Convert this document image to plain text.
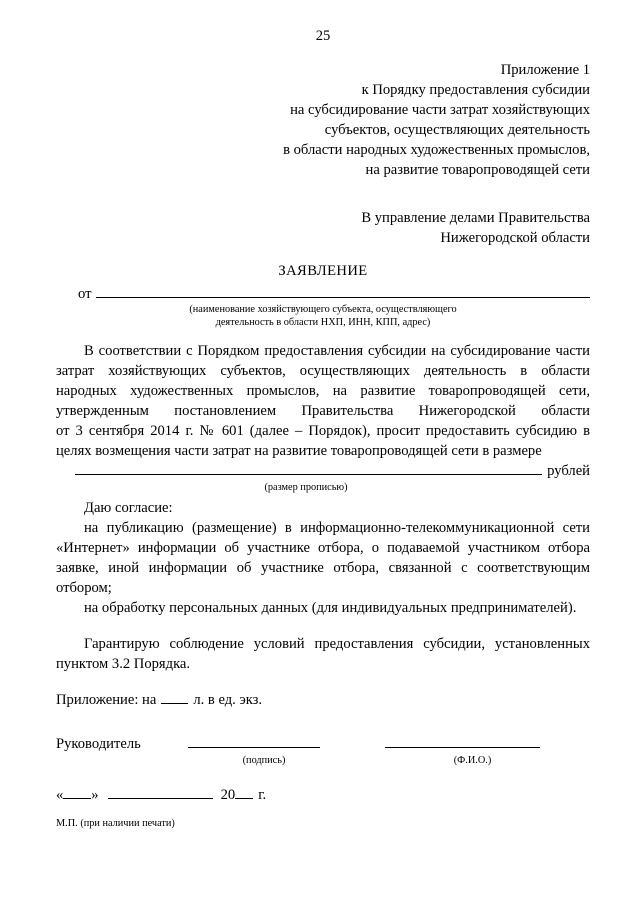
25
Приложение 1
к Порядку предоставления субсидии
на субсидирование части затрат хозяйствующих
субъектов, осуществляющих деятельность
в области народных художественных промыслов,
на развитие товаропроводящей сети
В управление делами Правительства
Нижегородской области
ЗАЯВЛЕНИЕ
от
(наименование хозяйствующего субъекта, осуществляющего
деятельность в области НХП, ИНН, КПП, адрес)
В соответствии с Порядком предоставления субсидии на субсидирование части
затрат хозяйствующих субъектов, осуществляющих деятельность в области
народных художественных промыслов, на развитие товаропроводящей сети,
утвержденным постановлением Правительства Нижегородской области
от 3 сентября 2014 г. № 601 (далее – Порядок), просит предоставить субсидию в
целях возмещения части затрат на развитие товаропроводящей сети в размере
рублей
(размер прописью)
Даю согласие:
на публикацию (размещение) в информационно-телекоммуникационной сети
«Интернет» информации об участнике отбора, о подаваемой участником отбора
заявке, иной информации об участнике отбора, связанной с соответствующим
отбором;
на обработку персональных данных (для индивидуальных предпринимателей).
Гарантирую соблюдение условий предоставления субсидии, установленных
пунктом 3.2 Порядка.
Приложение: на	л. в ед. экз.
Руководитель
(подпись)	(Ф.И.О.)
« »	20 г.
М.П. (при наличии печати)
